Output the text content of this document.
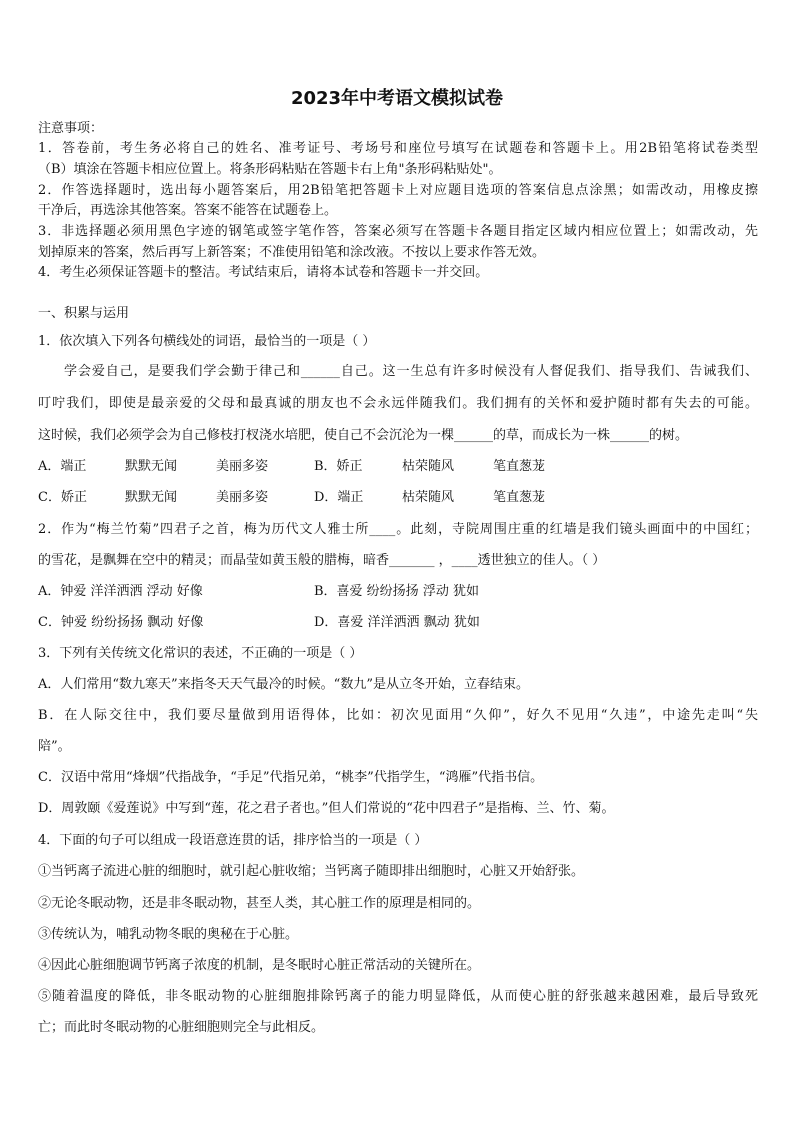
2023年中考语文模拟试卷
注意事项：
1．答卷前，考生务必将自己的姓名、准考证号、考场号和座位号填写在试题卷和答题卡上。用2B铅笔将试卷类型
（B）填涂在答题卡相应位置上。将条形码粘贴在答题卡右上角"条形码粘贴处"。
2．作答选择题时，选出每小题答案后，用2B铅笔把答题卡上对应题目选项的答案信息点涂黑；如需改动，用橡皮擦
干净后，再选涂其他答案。答案不能答在试题卷上。
3．非选择题必须用黑色字迹的钢笔或签字笔作答，答案必须写在答题卡各题目指定区域内相应位置上；如需改动，先
划掉原来的答案，然后再写上新答案；不准使用铅笔和涂改液。不按以上要求作答无效。
4．考生必须保证答题卡的整洁。考试结束后，请将本试卷和答题卡一并交回。
一、积累与运用
1．依次填入下列各句横线处的词语，最恰当的一项是（ ）
学会爱自己，是要我们学会勤于律己和______自己。这一生总有许多时候没有人督促我们、指导我们、告诫我们、
叮咛我们，即使是最亲爱的父母和最真诚的朋友也不会永远伴随我们。我们拥有的关怀和爱护随时都有失去的可能。
这时候，我们必须学会为自己修枝打杈浇水培肥，使自己不会沉沦为一棵______的草，而成长为一株______的树。
A．端正	默默无闻	美丽多姿	B．娇正	枯荣随风	笔直葱茏
C．娇正	默默无闻	美丽多姿	D．端正	枯荣随风	笔直葱茏
2．作为“梅兰竹菊”四君子之首，梅为历代文人雅士所____。此刻，寺院周围庄重的红墙是我们镜头画面中的中国红；
的雪花，是飘舞在空中的精灵；而晶莹如黄玉般的腊梅，暗香_______ ，____透世独立的佳人。（ ）
A．钟爱 洋洋洒洒 浮动 好像	B．喜爱 纷纷扬扬 浮动 犹如
C．钟爱 纷纷扬扬 飘动 好像	D．喜爱 洋洋洒洒 飘动 犹如
3．下列有关传统文化常识的表述，不正确的一项是（ ）
A．人们常用“数九寒天”来指冬天天气最冷的时候。“数九”是从立冬开始，立春结束。
B．在人际交往中，我们要尽量做到用语得体，比如：初次见面用“久仰”，好久不见用“久违”，中途先走叫“失
陪”。
C．汉语中常用“烽烟”代指战争，“手足”代指兄弟，“桃李”代指学生，“鸿雁”代指书信。
D．周敦颐《爱莲说》中写到“莲，花之君子者也。”但人们常说的“花中四君子”是指梅、兰、竹、菊。
4．下面的句子可以组成一段语意连贯的话，排序恰当的一项是（ ）
①当钙离子流进心脏的细胞时，就引起心脏收缩；当钙离子随即排出细胞时，心脏又开始舒张。
②无论冬眠动物，还是非冬眠动物，甚至人类，其心脏工作的原理是相同的。
③传统认为，哺乳动物冬眠的奥秘在于心脏。
④因此心脏细胞调节钙离子浓度的机制，是冬眠时心脏正常活动的关键所在。
⑤随着温度的降低，非冬眠动物的心脏细胞排除钙离子的能力明显降低，从而使心脏的舒张越来越困难，最后导致死
亡；而此时冬眠动物的心脏细胞则完全与此相反。
